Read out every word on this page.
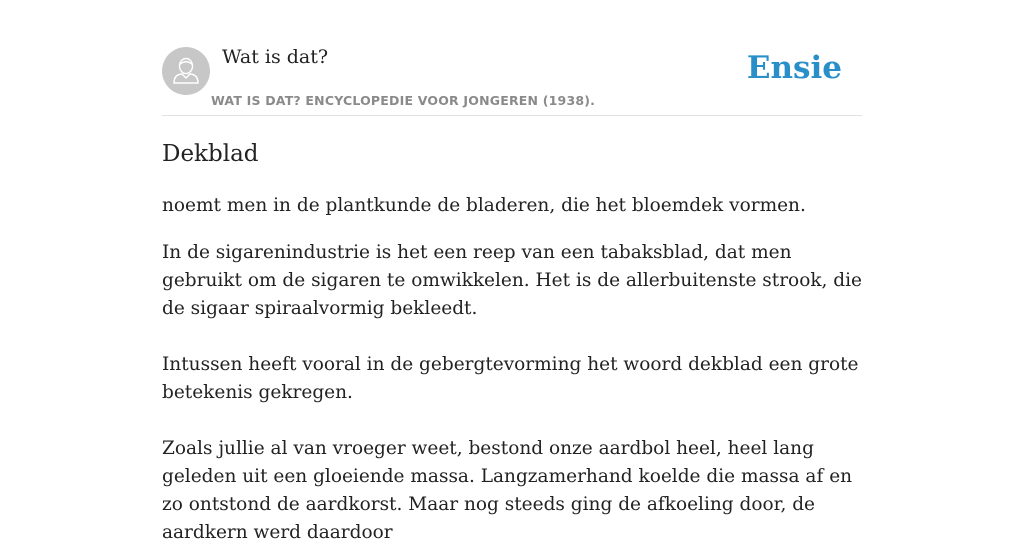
Wat is dat?
WAT IS DAT? ENCYCLOPEDIE VOOR JONGEREN (1938).
Ensie
Dekblad

noemt men in de plantkunde de bladeren, die het bloemdek vormen.

In de sigarenindustrie is het een reep van een tabaksblad, dat men gebruikt om de sigaren te omwikkelen. Het is de allerbuitenste strook, die de sigaar spiraalvormig bekleedt.

Intussen heeft vooral in de gebergtevorming het woord dekblad een grote betekenis gekregen.

Zoals jullie al van vroeger weet, bestond onze aardbol heel, heel lang geleden uit een gloeiende massa. Langzamerhand koelde die massa af en zo ontstond de aardkorst. Maar nog steeds ging de afkoeling door, de aardkern werd daardoor
